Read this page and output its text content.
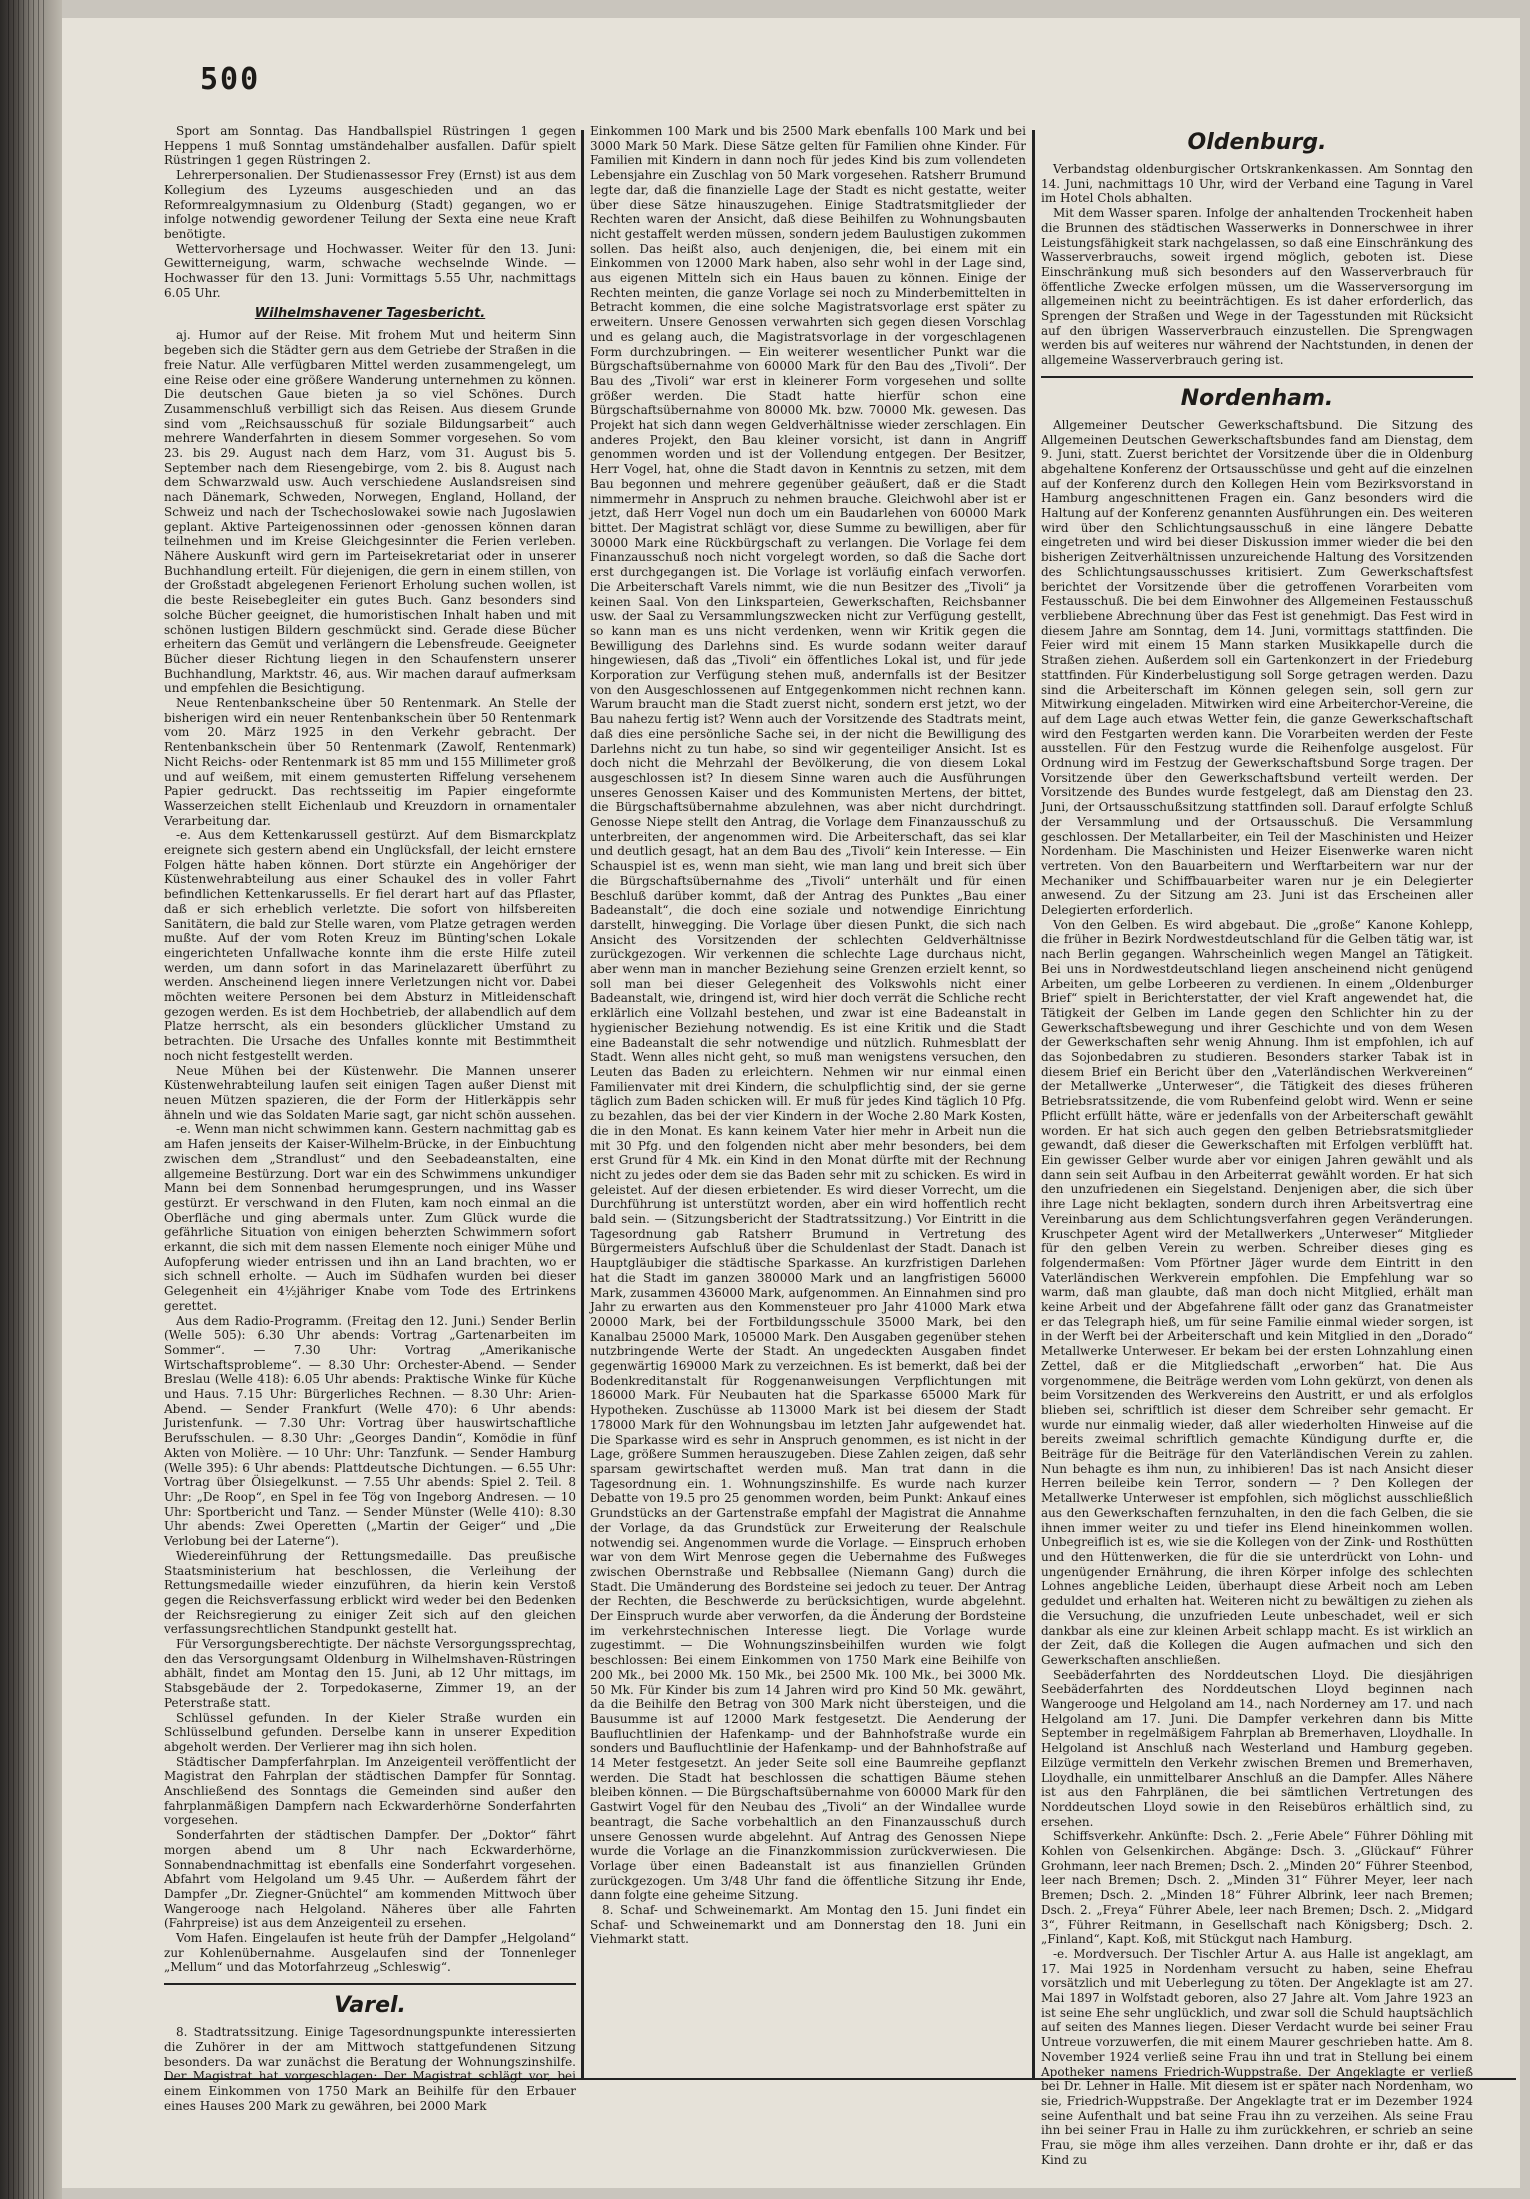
500

Sport am Sonntag. Das Handballspiel Rüstringen 1 gegen Heppens 1 muß Sonntag umständehalber ausfallen. Dafür spielt Rüstringen 1 gegen Rüstringen 2.

Lehrerpersonalien. Der Studienassessor Frey (Ernst) ist aus dem Kollegium des Lyzeums ausgeschieden und an das Reformrealgymnasium zu Oldenburg (Stadt) gegangen, wo er infolge notwendig gewordener Teilung der Sexta eine neue Kraft benötigte.

Wettervorhersage und Hochwasser. Weiter für den 13. Juni: Gewitterneigung, warm, schwache wechselnde Winde. — Hochwasser für den 13. Juni: Vormittags 5.55 Uhr, nachmittags 6.05 Uhr.

Wilhelmshavener Tagesbericht.

aj. Humor auf der Reise. Mit frohem Mut und heiterm Sinn begeben sich die Städter gern aus dem Getriebe der Straßen in die freie Natur. Alle verfügbaren Mittel werden zusammengelegt, um eine Reise oder eine größere Wanderung unternehmen zu können. Die deutschen Gaue bieten ja so viel Schönes. Durch Zusammenschluß verbilligt sich das Reisen. Aus diesem Grunde sind vom „Reichsausschuß für soziale Bildungsarbeit“ auch mehrere Wanderfahrten in diesem Sommer vorgesehen. So vom 23. bis 29. August nach dem Harz, vom 31. August bis 5. September nach dem Riesengebirge, vom 2. bis 8. August nach dem Schwarzwald usw. Auch verschiedene Auslandsreisen sind nach Dänemark, Schweden, Norwegen, England, Holland, der Schweiz und nach der Tschechoslowakei sowie nach Jugoslawien geplant. Aktive Parteigenossinnen oder -genossen können daran teilnehmen und im Kreise Gleichgesinnter die Ferien verleben. Nähere Auskunft wird gern im Parteisekretariat oder in unserer Buchhandlung erteilt. Für diejenigen, die gern in einem stillen, von der Großstadt abgelegenen Ferienort Erholung suchen wollen, ist die beste Reisebegleiter ein gutes Buch. Ganz besonders sind solche Bücher geeignet, die humoristischen Inhalt haben und mit schönen lustigen Bildern geschmückt sind. Gerade diese Bücher erheitern das Gemüt und verlängern die Lebensfreude. Geeigneter Bücher dieser Richtung liegen in den Schaufenstern unserer Buchhandlung, Marktstr. 46, aus. Wir machen darauf aufmerksam und empfehlen die Besichtigung.

Neue Rentenbankscheine über 50 Rentenmark. An Stelle der bisherigen wird ein neuer Rentenbankschein über 50 Rentenmark vom 20. März 1925 in den Verkehr gebracht. Der Rentenbankschein über 50 Rentenmark (Zawolf, Rentenmark) Nicht Reichs- oder Rentenmark ist 85 mm und 155 Millimeter groß und auf weißem, mit einem gemusterten Riffelung versehenem Papier gedruckt. Das rechtsseitig im Papier eingeformte Wasserzeichen stellt Eichenlaub und Kreuzdorn in ornamentaler Verarbeitung dar.

-e. Aus dem Kettenkarussell gestürzt. Auf dem Bismarckplatz ereignete sich gestern abend ein Unglücksfall, der leicht ernstere Folgen hätte haben können. Dort stürzte ein Angehöriger der Küstenwehrabteilung aus einer Schaukel des in voller Fahrt befindlichen Kettenkarussells. Er fiel derart hart auf das Pflaster, daß er sich erheblich verletzte. Die sofort von hilfsbereiten Sanitätern, die bald zur Stelle waren, vom Platze getragen werden mußte. Auf der vom Roten Kreuz im Bünting'schen Lokale eingerichteten Unfallwache konnte ihm die erste Hilfe zuteil werden, um dann sofort in das Marinelazarett überführt zu werden. Anscheinend liegen innere Verletzungen nicht vor. Dabei möchten weitere Personen bei dem Absturz in Mitleidenschaft gezogen werden. Es ist dem Hochbetrieb, der allabendlich auf dem Platze herrscht, als ein besonders glücklicher Umstand zu betrachten. Die Ursache des Unfalles konnte mit Bestimmtheit noch nicht festgestellt werden.

Neue Mühen bei der Küstenwehr. Die Mannen unserer Küstenwehrabteilung laufen seit einigen Tagen außer Dienst mit neuen Mützen spazieren, die der Form der Hitlerkäppis sehr ähneln und wie das Soldaten Marie sagt, gar nicht schön aussehen.

-e. Wenn man nicht schwimmen kann. Gestern nachmittag gab es am Hafen jenseits der Kaiser-Wilhelm-Brücke, in der Einbuchtung zwischen dem „Strandlust“ und den Seebadeanstalten, eine allgemeine Bestürzung. Dort war ein des Schwimmens unkundiger Mann bei dem Sonnenbad herumgesprungen, und ins Wasser gestürzt. Er verschwand in den Fluten, kam noch einmal an die Oberfläche und ging abermals unter. Zum Glück wurde die gefährliche Situation von einigen beherzten Schwimmern sofort erkannt, die sich mit dem nassen Elemente noch einiger Mühe und Aufopferung wieder entrissen und ihn an Land brachten, wo er sich schnell erholte. — Auch im Südhafen wurden bei dieser Gelegenheit ein 4½jähriger Knabe vom Tode des Ertrinkens gerettet.

Aus dem Radio-Programm. (Freitag den 12. Juni.) Sender Berlin (Welle 505): 6.30 Uhr abends: Vortrag „Gartenarbeiten im Sommer“. — 7.30 Uhr: Vortrag „Amerikanische Wirtschaftsprobleme“. — 8.30 Uhr: Orchester-Abend. — Sender Breslau (Welle 418): 6.05 Uhr abends: Praktische Winke für Küche und Haus. 7.15 Uhr: Bürgerliches Rechnen. — 8.30 Uhr: Arien-Abend. — Sender Frankfurt (Welle 470): 6 Uhr abends: Juristenfunk. — 7.30 Uhr: Vortrag über hauswirtschaftliche Berufsschulen. — 8.30 Uhr: „Georges Dandin“, Komödie in fünf Akten von Molière. — 10 Uhr: Uhr: Tanzfunk. — Sender Hamburg (Welle 395): 6 Uhr abends: Plattdeutsche Dichtungen. — 6.55 Uhr: Vortrag über Ölsiegelkunst. — 7.55 Uhr abends: Spiel 2. Teil. 8 Uhr: „De Roop“, en Spel in fee Tög von Ingeborg Andresen. — 10 Uhr: Sportbericht und Tanz. — Sender Münster (Welle 410): 8.30 Uhr abends: Zwei Operetten („Martin der Geiger“ und „Die Verlobung bei der Laterne“).

Wiedereinführung der Rettungsmedaille. Das preußische Staatsministerium hat beschlossen, die Verleihung der Rettungsmedaille wieder einzuführen, da hierin kein Verstoß gegen die Reichsverfassung erblickt wird weder bei den Bedenken der Reichsregierung zu einiger Zeit sich auf den gleichen verfassungsrechtlichen Standpunkt gestellt hat.

Für Versorgungsberechtigte. Der nächste Versorgungssprechtag, den das Versorgungsamt Oldenburg in Wilhelmshaven-Rüstringen abhält, findet am Montag den 15. Juni, ab 12 Uhr mittags, im Stabsgebäude der 2. Torpedokaserne, Zimmer 19, an der Peterstraße statt.

Schlüssel gefunden. In der Kieler Straße wurden ein Schlüsselbund gefunden. Derselbe kann in unserer Expedition abgeholt werden. Der Verlierer mag ihn sich holen.

Städtischer Dampferfahrplan. Im Anzeigenteil veröffentlicht der Magistrat den Fahrplan der städtischen Dampfer für Sonntag. Anschließend des Sonntags die Gemeinden sind außer den fahrplanmäßigen Dampfern nach Eckwarderhörne Sonderfahrten vorgesehen.

Sonderfahrten der städtischen Dampfer. Der „Doktor“ fährt morgen abend um 8 Uhr nach Eckwarderhörne, Sonnabendnachmittag ist ebenfalls eine Sonderfahrt vorgesehen. Abfahrt vom Helgoland um 9.45 Uhr. — Außerdem fährt der Dampfer „Dr. Ziegner-Gnüchtel“ am kommenden Mittwoch über Wangerooge nach Helgoland. Näheres über alle Fahrten (Fahrpreise) ist aus dem Anzeigenteil zu ersehen.

Vom Hafen. Eingelaufen ist heute früh der Dampfer „Helgoland“ zur Kohlenübernahme. Ausgelaufen sind der Tonnenleger „Mellum“ und das Motorfahrzeug „Schleswig“.

Varel.

8. Stadtratssitzung. Einige Tagesordnungspunkte interessierten die Zuhörer in der am Mittwoch stattgefundenen Sitzung besonders. Da war zunächst die Beratung der Wohnungszinshilfe. Der Magistrat hat vorgeschlagen: Der Magistrat schlägt vor, bei einem Einkommen von 1750 Mark an Beihilfe für den Erbauer eines Hauses 200 Mark zu gewähren, bei 2000 Mark

Einkommen 100 Mark und bis 2500 Mark ebenfalls 100 Mark und bei 3000 Mark 50 Mark. Diese Sätze gelten für Familien ohne Kinder. Für Familien mit Kindern in dann noch für jedes Kind bis zum vollendeten Lebensjahre ein Zuschlag von 50 Mark vorgesehen. Ratsherr Brumund legte dar, daß die finanzielle Lage der Stadt es nicht gestatte, weiter über diese Sätze hinauszugehen. Einige Stadtratsmitglieder der Rechten waren der Ansicht, daß diese Beihilfen zu Wohnungsbauten nicht gestaffelt werden müssen, sondern jedem Baulustigen zukommen sollen. Das heißt also, auch denjenigen, die, bei einem mit ein Einkommen von 12000 Mark haben, also sehr wohl in der Lage sind, aus eigenen Mitteln sich ein Haus bauen zu können. Einige der Rechten meinten, die ganze Vorlage sei noch zu Minderbemittelten in Betracht kommen, die eine solche Magistratsvorlage erst später zu erweitern. Unsere Genossen verwahrten sich gegen diesen Vorschlag und es gelang auch, die Magistratsvorlage in der vorgeschlagenen Form durchzubringen. — Ein weiterer wesentlicher Punkt war die Bürgschaftsübernahme von 60000 Mark für den Bau des „Tivoli“. Der Bau des „Tivoli“ war erst in kleinerer Form vorgesehen und sollte größer werden. Die Stadt hatte hierfür schon eine Bürgschaftsübernahme von 80000 Mk. bzw. 70000 Mk. gewesen. Das Projekt hat sich dann wegen Geldverhältnisse wieder zerschlagen. Ein anderes Projekt, den Bau kleiner vorsicht, ist dann in Angriff genommen worden und ist der Vollendung entgegen. Der Besitzer, Herr Vogel, hat, ohne die Stadt davon in Kenntnis zu setzen, mit dem Bau begonnen und mehrere gegenüber geäußert, daß er die Stadt nimmermehr in Anspruch zu nehmen brauche. Gleichwohl aber ist er jetzt, daß Herr Vogel nun doch um ein Baudarlehen von 60000 Mark bittet. Der Magistrat schlägt vor, diese Summe zu bewilligen, aber für 30000 Mark eine Rückbürgschaft zu verlangen. Die Vorlage fei dem Finanzausschuß noch nicht vorgelegt worden, so daß die Sache dort erst durchgegangen ist. Die Vorlage ist vorläufig einfach verworfen. Die Arbeiterschaft Varels nimmt, wie die nun Besitzer des „Tivoli“ ja keinen Saal. Von den Linksparteien, Gewerkschaften, Reichsbanner usw. der Saal zu Versammlungszwecken nicht zur Verfügung gestellt, so kann man es uns nicht verdenken, wenn wir Kritik gegen die Bewilligung des Darlehns sind. Es wurde sodann weiter darauf hingewiesen, daß das „Tivoli“ ein öffentliches Lokal ist, und für jede Korporation zur Verfügung stehen muß, andernfalls ist der Besitzer von den Ausgeschlossenen auf Entgegenkommen nicht rechnen kann. Warum braucht man die Stadt zuerst nicht, sondern erst jetzt, wo der Bau nahezu fertig ist? Wenn auch der Vorsitzende des Stadtrats meint, daß dies eine persönliche Sache sei, in der nicht die Bewilligung des Darlehns nicht zu tun habe, so sind wir gegenteiliger Ansicht. Ist es doch nicht die Mehrzahl der Bevölkerung, die von diesem Lokal ausgeschlossen ist? In diesem Sinne waren auch die Ausführungen unseres Genossen Kaiser und des Kommunisten Mertens, der bittet, die Bürgschaftsübernahme abzulehnen, was aber nicht durchdringt. Genosse Niepe stellt den Antrag, die Vorlage dem Finanzausschuß zu unterbreiten, der angenommen wird. Die Arbeiterschaft, das sei klar und deutlich gesagt, hat an dem Bau des „Tivoli“ kein Interesse. — Ein Schauspiel ist es, wenn man sieht, wie man lang und breit sich über die Bürgschaftsübernahme des „Tivoli“ unterhält und für einen Beschluß darüber kommt, daß der Antrag des Punktes „Bau einer Badeanstalt“, die doch eine soziale und notwendige Einrichtung darstellt, hinwegging. Die Vorlage über diesen Punkt, die sich nach Ansicht des Vorsitzenden der schlechten Geldverhältnisse zurückgezogen. Wir verkennen die schlechte Lage durchaus nicht, aber wenn man in mancher Beziehung seine Grenzen erzielt kennt, so soll man bei dieser Gelegenheit des Volkswohls nicht einer Badeanstalt, wie, dringend ist, wird hier doch verrät die Schliche recht erklärlich eine Vollzahl bestehen, und zwar ist eine Badeanstalt in hygienischer Beziehung notwendig. Es ist eine Kritik und die Stadt eine Badeanstalt die sehr notwendige und nützlich. Ruhmesblatt der Stadt. Wenn alles nicht geht, so muß man wenigstens versuchen, den Leuten das Baden zu erleichtern. Nehmen wir nur einmal einen Familienvater mit drei Kindern, die schulpflichtig sind, der sie gerne täglich zum Baden schicken will. Er muß für jedes Kind täglich 10 Pfg. zu bezahlen, das bei der vier Kindern in der Woche 2.80 Mark Kosten, die in den Monat. Es kann keinem Vater hier mehr in Arbeit nun die mit 30 Pfg. und den folgenden nicht aber mehr besonders, bei dem erst Grund für 4 Mk. ein Kind in den Monat dürfte mit der Rechnung nicht zu jedes oder dem sie das Baden sehr mit zu schicken. Es wird in geleistet. Auf der diesen erbietender. Es wird dieser Vorrecht, um die Durchführung ist unterstützt worden, aber ein wird hoffentlich recht bald sein. — (Sitzungsbericht der Stadtratssitzung.) Vor Eintritt in die Tagesordnung gab Ratsherr Brumund in Vertretung des Bürgermeisters Aufschluß über die Schuldenlast der Stadt. Danach ist Hauptgläubiger die städtische Sparkasse. An kurzfristigen Darlehen hat die Stadt im ganzen 380000 Mark und an langfristigen 56000 Mark, zusammen 436000 Mark, aufgenommen. An Einnahmen sind pro Jahr zu erwarten aus den Kommensteuer pro Jahr 41000 Mark etwa 20000 Mark, bei der Fortbildungsschule 35000 Mark, bei den Kanalbau 25000 Mark, 105000 Mark. Den Ausgaben gegenüber stehen nutzbringende Werte der Stadt. An ungedeckten Ausgaben findet gegenwärtig 169000 Mark zu verzeichnen. Es ist bemerkt, daß bei der Bodenkreditanstalt für Roggenanweisungen Verpflichtungen mit 186000 Mark. Für Neubauten hat die Sparkasse 65000 Mark für Hypotheken. Zuschüsse ab 113000 Mark ist bei diesem der Stadt 178000 Mark für den Wohnungsbau im letzten Jahr aufgewendet hat. Die Sparkasse wird es sehr in Anspruch genommen, es ist nicht in der Lage, größere Summen herauszugeben. Diese Zahlen zeigen, daß sehr sparsam gewirtschaftet werden muß. Man trat dann in die Tagesordnung ein. 1. Wohnungszinshilfe. Es wurde nach kurzer Debatte von 19.5 pro 25 genommen worden, beim Punkt: Ankauf eines Grundstücks an der Gartenstraße empfahl der Magistrat die Annahme der Vorlage, da das Grundstück zur Erweiterung der Realschule notwendig sei. Angenommen wurde die Vorlage. — Einspruch erhoben war von dem Wirt Menrose gegen die Uebernahme des Fußweges zwischen Obernstraße und Rebbsallee (Niemann Gang) durch die Stadt. Die Umänderung des Bordsteine sei jedoch zu teuer. Der Antrag der Rechten, die Beschwerde zu berücksichtigen, wurde abgelehnt. Der Einspruch wurde aber verworfen, da die Änderung der Bordsteine im verkehrstechnischen Interesse liegt. Die Vorlage wurde zugestimmt. — Die Wohnungszinsbeihilfen wurden wie folgt beschlossen: Bei einem Einkommen von 1750 Mark eine Beihilfe von 200 Mk., bei 2000 Mk. 150 Mk., bei 2500 Mk. 100 Mk., bei 3000 Mk. 50 Mk. Für Kinder bis zum 14 Jahren wird pro Kind 50 Mk. gewährt, da die Beihilfe den Betrag von 300 Mark nicht übersteigen, und die Bausumme ist auf 12000 Mark festgesetzt. Die Aenderung der Baufluchtlinien der Hafenkamp- und der Bahnhofstraße wurde ein sonders und Baufluchtlinie der Hafenkamp- und der Bahnhofstraße auf 14 Meter festgesetzt. An jeder Seite soll eine Baumreihe gepflanzt werden. Die Stadt hat beschlossen die schattigen Bäume stehen bleiben können. — Die Bürgschaftsübernahme von 60000 Mark für den Gastwirt Vogel für den Neubau des „Tivoli“ an der Windallee wurde beantragt, die Sache vorbehaltlich an den Finanzausschuß durch unsere Genossen wurde abgelehnt. Auf Antrag des Genossen Niepe wurde die Vorlage an die Finanzkommission zurückverwiesen. Die Vorlage über einen Badeanstalt ist aus finanziellen Gründen zurückgezogen. Um 3/48 Uhr fand die öffentliche Sitzung ihr Ende, dann folgte eine geheime Sitzung.

8. Schaf- und Schweinemarkt. Am Montag den 15. Juni findet ein Schaf- und Schweinemarkt und am Donnerstag den 18. Juni ein Viehmarkt statt.

Oldenburg.

Verbandstag oldenburgischer Ortskrankenkassen. Am Sonntag den 14. Juni, nachmittags 10 Uhr, wird der Verband eine Tagung in Varel im Hotel Chols abhalten.

Mit dem Wasser sparen. Infolge der anhaltenden Trockenheit haben die Brunnen des städtischen Wasserwerks in Donnerschwee in ihrer Leistungsfähigkeit stark nachgelassen, so daß eine Einschränkung des Wasserverbrauchs, soweit irgend möglich, geboten ist. Diese Einschränkung muß sich besonders auf den Wasserverbrauch für öffentliche Zwecke erfolgen müssen, um die Wasserversorgung im allgemeinen nicht zu beeinträchtigen. Es ist daher erforderlich, das Sprengen der Straßen und Wege in der Tagesstunden mit Rücksicht auf den übrigen Wasserverbrauch einzustellen. Die Sprengwagen werden bis auf weiteres nur während der Nachtstunden, in denen der allgemeine Wasserverbrauch gering ist.

Nordenham.

Allgemeiner Deutscher Gewerkschaftsbund. Die Sitzung des Allgemeinen Deutschen Gewerkschaftsbundes fand am Dienstag, dem 9. Juni, statt. Zuerst berichtet der Vorsitzende über die in Oldenburg abgehaltene Konferenz der Ortsausschüsse und geht auf die einzelnen auf der Konferenz durch den Kollegen Hein vom Bezirksvorstand in Hamburg angeschnittenen Fragen ein. Ganz besonders wird die Haltung auf der Konferenz genannten Ausführungen ein. Des weiteren wird über den Schlichtungsausschuß in eine längere Debatte eingetreten und wird bei dieser Diskussion immer wieder die bei den bisherigen Zeitverhältnissen unzureichende Haltung des Vorsitzenden des Schlichtungsausschusses kritisiert. Zum Gewerkschaftsfest berichtet der Vorsitzende über die getroffenen Vorarbeiten vom Festausschuß. Die bei dem Einwohner des Allgemeinen Festausschuß verbliebene Abrechnung über das Fest ist genehmigt. Das Fest wird in diesem Jahre am Sonntag, dem 14. Juni, vormittags stattfinden. Die Feier wird mit einem 15 Mann starken Musikkapelle durch die Straßen ziehen. Außerdem soll ein Gartenkonzert in der Friedeburg stattfinden. Für Kinderbelustigung soll Sorge getragen werden. Dazu sind die Arbeiterschaft im Können gelegen sein, soll gern zur Mitwirkung eingeladen. Mitwirken wird eine Arbeiterchor-Vereine, die auf dem Lage auch etwas Wetter fein, die ganze Gewerkschaftschaft wird den Festgarten werden kann. Die Vorarbeiten werden der Feste ausstellen. Für den Festzug wurde die Reihenfolge ausgelost. Für Ordnung wird im Festzug der Gewerkschaftsbund Sorge tragen. Der Vorsitzende über den Gewerkschaftsbund verteilt werden. Der Vorsitzende des Bundes wurde festgelegt, daß am Dienstag den 23. Juni, der Ortsausschußsitzung stattfinden soll. Darauf erfolgte Schluß der Versammlung und der Ortsausschuß. Die Versammlung geschlossen. Der Metallarbeiter, ein Teil der Maschinisten und Heizer Nordenham. Die Maschinisten und Heizer Eisenwerke waren nicht vertreten. Von den Bauarbeitern und Werftarbeitern war nur der Mechaniker und Schiffbauarbeiter waren nur je ein Delegierter anwesend. Zu der Sitzung am 23. Juni ist das Erscheinen aller Delegierten erforderlich.

Von den Gelben. Es wird abgebaut. Die „große“ Kanone Kohlepp, die früher in Bezirk Nordwestdeutschland für die Gelben tätig war, ist nach Berlin gegangen. Wahrscheinlich wegen Mangel an Tätigkeit. Bei uns in Nordwestdeutschland liegen anscheinend nicht genügend Arbeiten, um gelbe Lorbeeren zu verdienen. In einem „Oldenburger Brief“ spielt in Berichterstatter, der viel Kraft angewendet hat, die Tätigkeit der Gelben im Lande gegen den Schlichter hin zu der Gewerkschaftsbewegung und ihrer Geschichte und von dem Wesen der Gewerkschaften sehr wenig Ahnung. Ihm ist empfohlen, ich auf das Sojonbedabren zu studieren. Besonders starker Tabak ist in diesem Brief ein Bericht über den „Vaterländischen Werkvereinen“ der Metallwerke „Unterweser“, die Tätigkeit des dieses früheren Betriebsratssitzende, die vom Rubenfeind gelobt wird. Wenn er seine Pflicht erfüllt hätte, wäre er jedenfalls von der Arbeiterschaft gewählt worden. Er hat sich auch gegen den gelben Betriebsratsmitglieder gewandt, daß dieser die Gewerkschaften mit Erfolgen verblüfft hat. Ein gewisser Gelber wurde aber vor einigen Jahren gewählt und als dann sein seit Aufbau in den Arbeiterrat gewählt worden. Er hat sich den unzufriedenen ein Siegelstand. Denjenigen aber, die sich über ihre Lage nicht beklagten, sondern durch ihren Arbeitsvertrag eine Vereinbarung aus dem Schlichtungsverfahren gegen Veränderungen. Kruschpeter Agent wird der Metallwerkers „Unterweser“ Mitglieder für den gelben Verein zu werben. Schreiber dieses ging es folgendermaßen: Vom Pförtner Jäger wurde dem Eintritt in den Vaterländischen Werkverein empfohlen. Die Empfehlung war so warm, daß man glaubte, daß man doch nicht Mitglied, erhält man keine Arbeit und der Abgefahrene fällt oder ganz das Granatmeister er das Telegraph hieß, um für seine Familie einmal wieder sorgen, ist in der Werft bei der Arbeiterschaft und kein Mitglied in den „Dorado“ Metallwerke Unterweser. Er bekam bei der ersten Lohnzahlung einen Zettel, daß er die Mitgliedschaft „erworben“ hat. Die Aus vorgenommene, die Beiträge werden vom Lohn gekürzt, von denen als beim Vorsitzenden des Werkvereins den Austritt, er und als erfolglos blieben sei, schriftlich ist dieser dem Schreiber sehr gemacht. Er wurde nur einmalig wieder, daß aller wiederholten Hinweise auf die bereits zweimal schriftlich gemachte Kündigung durfte er, die Beiträge für die Beiträge für den Vaterländischen Verein zu zahlen. Nun behagte es ihm nun, zu inhibieren! Das ist nach Ansicht dieser Herren beileibe kein Terror, sondern — ? Den Kollegen der Metallwerke Unterweser ist empfohlen, sich möglichst ausschließlich aus den Gewerkschaften fernzuhalten, in den die fach Gelben, die sie ihnen immer weiter zu und tiefer ins Elend hineinkommen wollen. Unbegreiflich ist es, wie sie die Kollegen von der Zink- und Rosthütten und den Hüttenwerken, die für die sie unterdrückt von Lohn- und ungenügender Ernährung, die ihren Körper infolge des schlechten Lohnes angebliche Leiden, überhaupt diese Arbeit noch am Leben geduldet und erhalten hat. Weiteren nicht zu bewältigen zu ziehen als die Versuchung, die unzufrieden Leute unbeschadet, weil er sich dankbar als eine zur kleinen Arbeit schlapp macht. Es ist wirklich an der Zeit, daß die Kollegen die Augen aufmachen und sich den Gewerkschaften anschließen.

Seebäderfahrten des Norddeutschen Lloyd. Die diesjährigen Seebäderfahrten des Norddeutschen Lloyd beginnen nach Wangerooge und Helgoland am 14., nach Norderney am 17. und nach Helgoland am 17. Juni. Die Dampfer verkehren dann bis Mitte September in regelmäßigem Fahrplan ab Bremerhaven, Lloydhalle. In Helgoland ist Anschluß nach Westerland und Hamburg gegeben. Eilzüge vermitteln den Verkehr zwischen Bremen und Bremerhaven, Lloydhalle, ein unmittelbarer Anschluß an die Dampfer. Alles Nähere ist aus den Fahrplänen, die bei sämtlichen Vertretungen des Norddeutschen Lloyd sowie in den Reisebüros erhältlich sind, zu ersehen.

Schiffsverkehr. Ankünfte: Dsch. 2. „Ferie Abele“ Führer Döhling mit Kohlen von Gelsenkirchen. Abgänge: Dsch. 3. „Glückauf“ Führer Grohmann, leer nach Bremen; Dsch. 2. „Minden 20“ Führer Steenbod, leer nach Bremen; Dsch. 2. „Minden 31“ Führer Meyer, leer nach Bremen; Dsch. 2. „Minden 18“ Führer Albrink, leer nach Bremen; Dsch. 2. „Freya“ Führer Abele, leer nach Bremen; Dsch. 2. „Midgard 3“, Führer Reitmann, in Gesellschaft nach Königsberg; Dsch. 2. „Finland“, Kapt. Koß, mit Stückgut nach Hamburg.

-e. Mordversuch. Der Tischler Artur A. aus Halle ist angeklagt, am 17. Mai 1925 in Nordenham versucht zu haben, seine Ehefrau vorsätzlich und mit Ueberlegung zu töten. Der Angeklagte ist am 27. Mai 1897 in Wolfstadt geboren, also 27 Jahre alt. Vom Jahre 1923 an ist seine Ehe sehr unglücklich, und zwar soll die Schuld hauptsächlich auf seiten des Mannes liegen. Dieser Verdacht wurde bei seiner Frau Untreue vorzuwerfen, die mit einem Maurer geschrieben hatte. Am 8. November 1924 verließ seine Frau ihn und trat in Stellung bei einem Apotheker namens Friedrich-Wuppstraße. Der Angeklagte er verließ bei Dr. Lehner in Halle. Mit diesem ist er später nach Nordenham, wo sie, Friedrich-Wuppstraße. Der Angeklagte trat er im Dezember 1924 seine Aufenthalt und bat seine Frau ihn zu verzeihen. Als seine Frau ihn bei seiner Frau in Halle zu ihm zurückkehren, er schrieb an seine Frau, sie möge ihm alles verzeihen. Dann drohte er ihr, daß er das Kind zu
